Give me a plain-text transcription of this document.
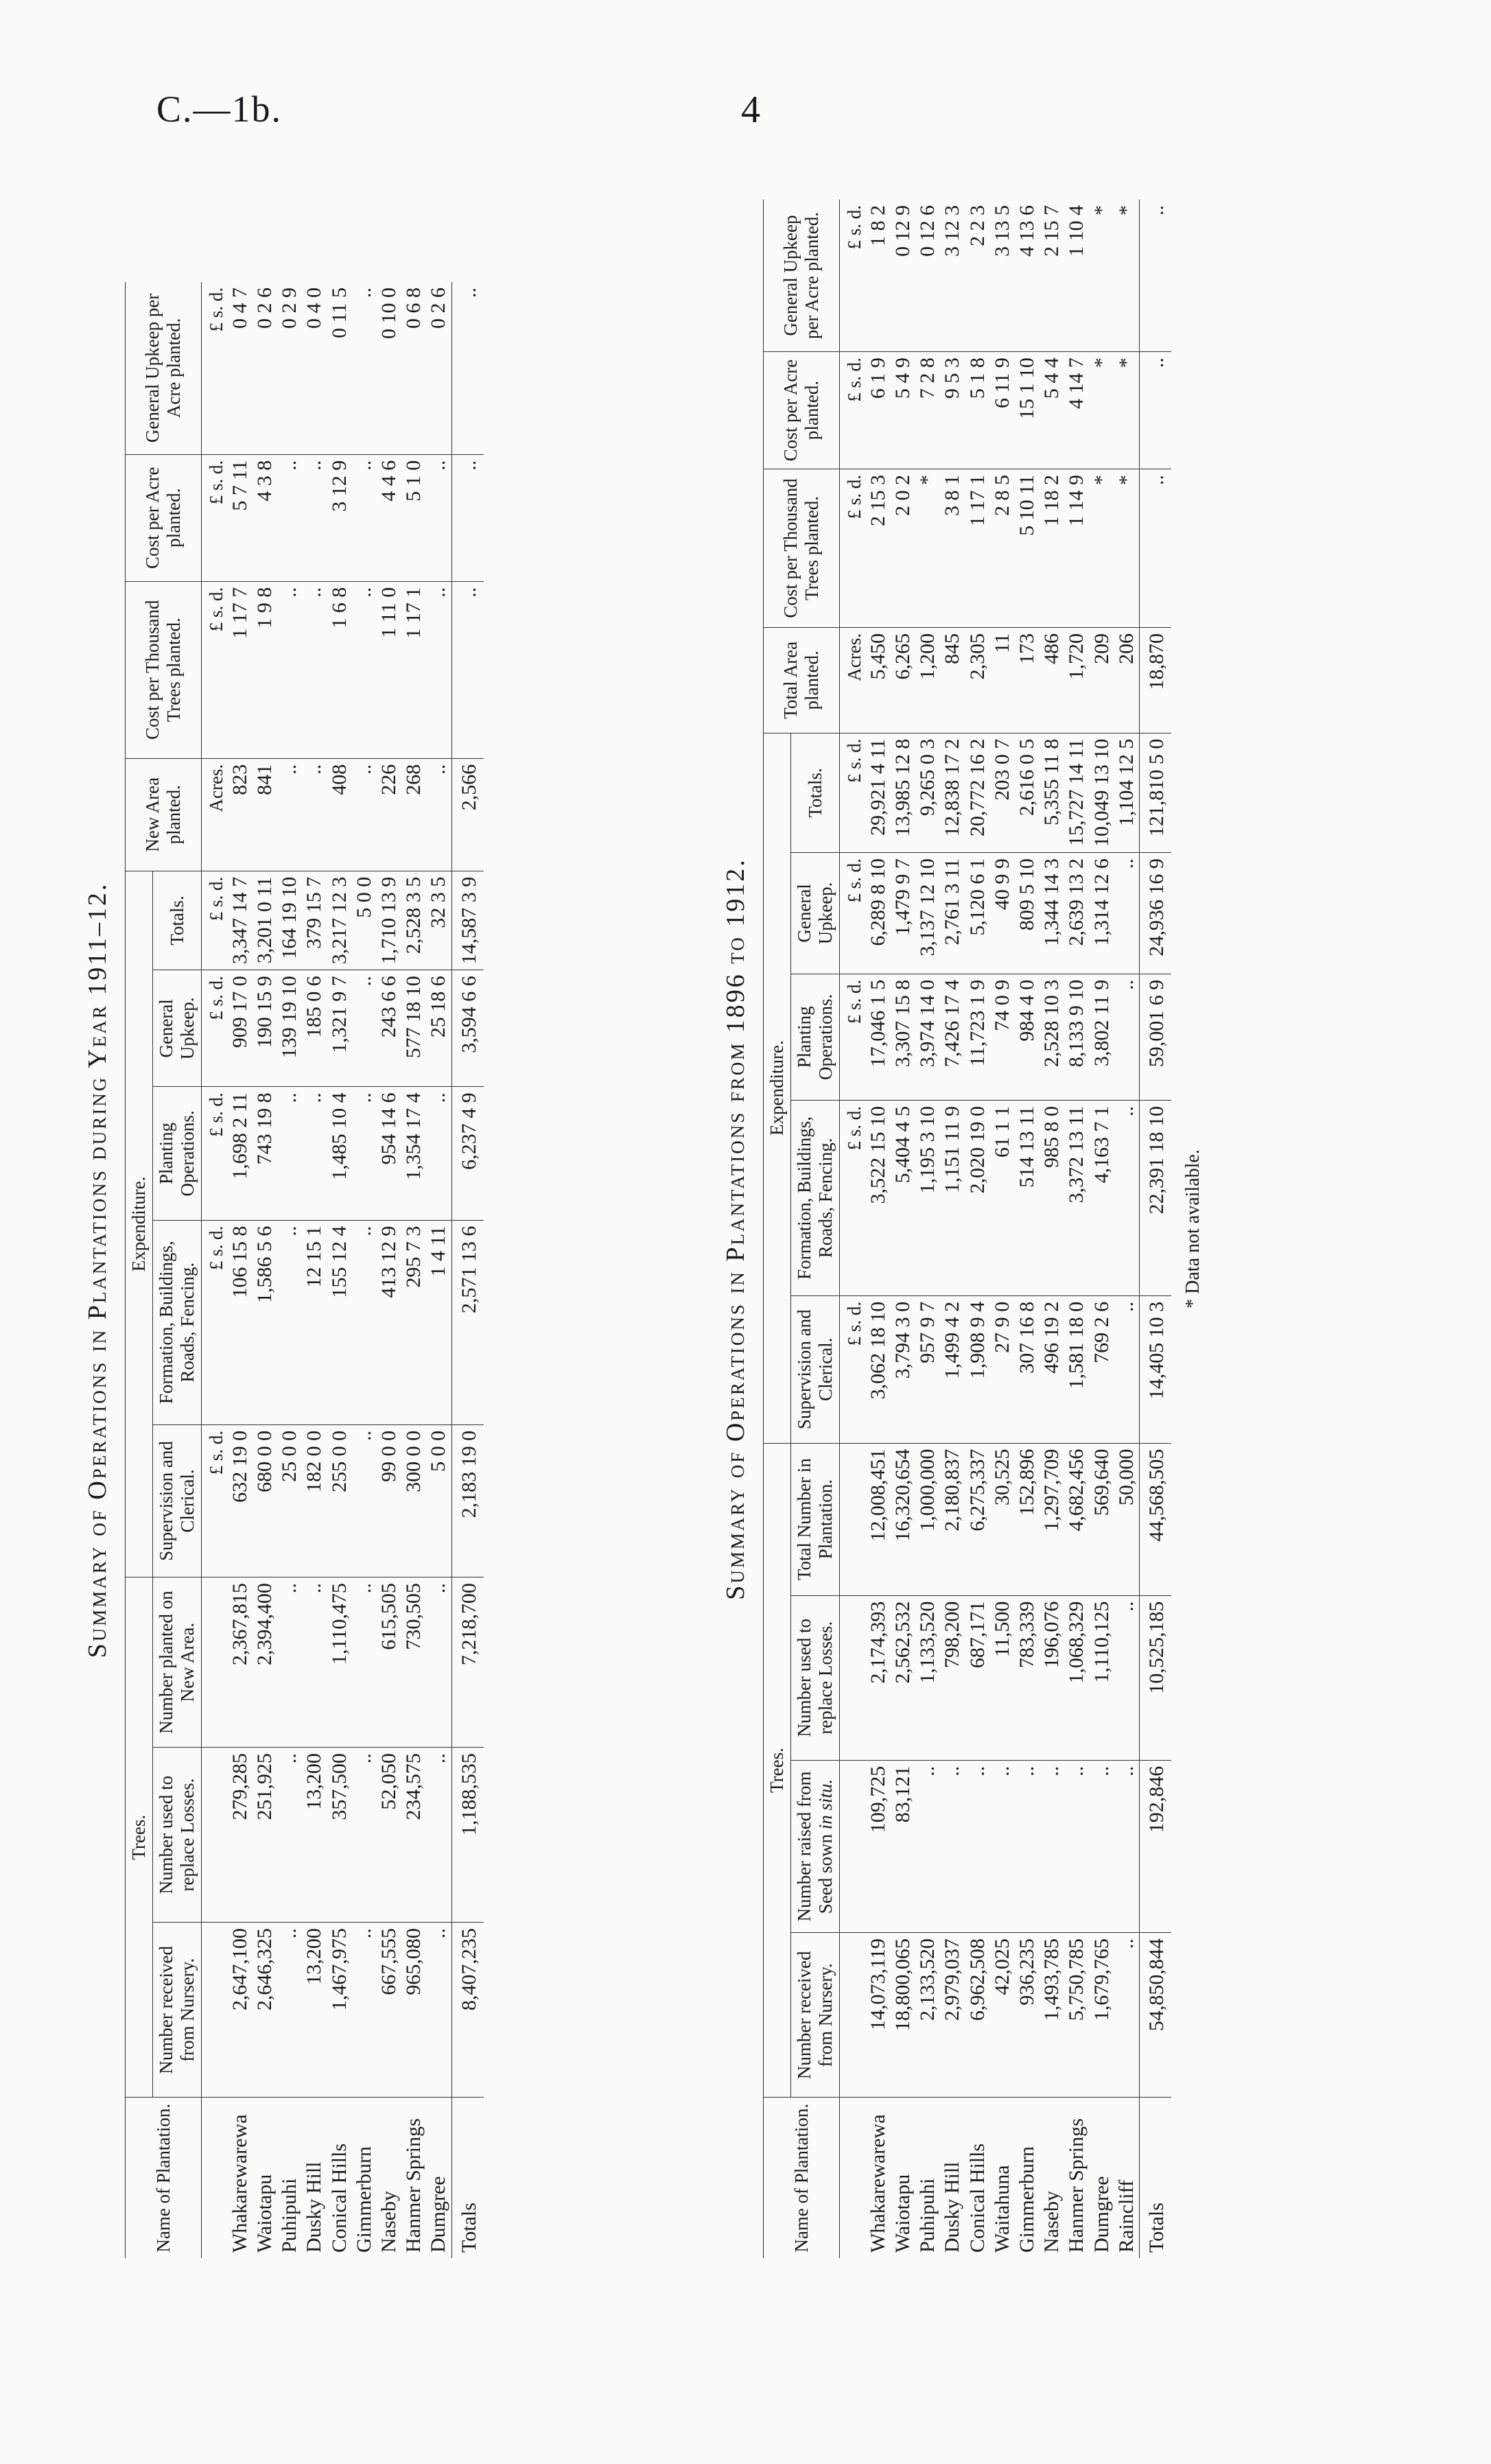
C.—1b.	4
Summary of Operations in Plantations during Year 1911–12.
Name of Plantation.	Trees.			Expenditure.					New Area planted.	Cost per Thousand Trees planted.	Cost per Acre planted.	General Upkeep per Acre planted.
	Number received from Nursery.	Number used to replace Losses.	Number planted on New Area.	Supervision and Clerical.	Formation, Buildings, Roads, Fencing.	Planting Operations.	General Upkeep.	Totals.				
				£ s. d.	£ s. d.	£ s. d.	£ s. d.	£ s. d.	Acres.	£ s. d.	£ s. d.	£ s. d.
Whakarewarewa	2,647,100	279,285	2,367,815	632 19 0	106 15 8	1,698 2 11	909 17 0	3,347 14 7	823	1 17 7	5 7 11	0 4 7
Waiotapu	2,646,325	251,925	2,394,400	680 0 0	1,586 5 6	743 19 8	190 15 9	3,201 0 11	841	1 9 8	4 3 8	0 2 6
Puhipuhi	..	..	..	25 0 0	..	..	139 19 10	164 19 10	..	..	..	0 2 9
Dusky Hill	13,200	13,200	..	182 0 0	12 15 1	..	185 0 6	379 15 7	..	..	..	0 4 0
Conical Hills	1,467,975	357,500	1,110,475	255 0 0	155 12 4	1,485 10 4	1,321 9 7	3,217 12 3	408	1 6 8	3 12 9	0 11 5
Gimmerburn	..	..	..	..	..	..	..	5 0 0	..	..	..	..
Naseby	667,555	52,050	615,505	99 0 0	413 12 9	954 14 6	243 6 6	1,710 13 9	226	1 11 0	4 4 6	0 10 0
Hanmer Springs	965,080	234,575	730,505	300 0 0	295 7 3	1,354 17 4	577 18 10	2,528 3 5	268	1 17 1	5 1 0	0 6 8
Dumgree	..	..	..	5 0 0	1 4 11	..	25 18 6	32 3 5	..	..	..	0 2 6
Totals	8,407,235	1,188,535	7,218,700	2,183 19 0	2,571 13 6	6,237 4 9	3,594 6 6	14,587 3 9	2,566	..	..	..
Summary of Operations in Plantations from 1896 to 1912.
Name of Plantation.	Trees.				Expenditure.					Total Area planted.	Cost per Thousand Trees planted.	Cost per Acre planted.	General Upkeep per Acre planted.
	Number received from Nursery.	Number raised from Seed sown in situ.	Number used to replace Losses.	Total Number in Plantation.	Supervision and Clerical.	Formation, Buildings, Roads, Fencing.	Planting Operations.	General Upkeep.	Totals.				
					£ s. d.	£ s. d.	£ s. d.	£ s. d.	£ s. d.	Acres.	£ s. d.	£ s. d.	£ s. d.
Whakarewarewa	14,073,119	109,725	2,174,393	12,008,451	3,062 18 10	3,522 15 10	17,046 1 5	6,289 8 10	29,921 4 11	5,450	2 15 3	6 1 9	1 8 2
Waiotapu	18,800,065	83,121	2,562,532	16,320,654	3,794 3 0	5,404 4 5	3,307 15 8	1,479 9 7	13,985 12 8	6,265	2 0 2	5 4 9	0 12 9
Puhipuhi	2,133,520	..	1,133,520	1,000,000	957 9 7	1,195 3 10	3,974 14 0	3,137 12 10	9,265 0 3	1,200	*	7 2 8	0 12 6
Dusky Hill	2,979,037	..	798,200	2,180,837	1,499 4 2	1,151 11 9	7,426 17 4	2,761 3 11	12,838 17 2	845	3 8 1	9 5 3	3 12 3
Conical Hills	6,962,508	..	687,171	6,275,337	1,908 9 4	2,020 19 0	11,723 1 9	5,120 6 1	20,772 16 2	2,305	1 17 1	5 1 8	2 2 3
Waitahuna	42,025	..	11,500	30,525	27 9 0	61 1 1	74 0 9	40 9 9	203 0 7	11	2 8 5	6 11 9	3 13 5
Gimmerburn	936,235	..	783,339	152,896	307 16 8	514 13 11	984 4 0	809 5 10	2,616 0 5	173	5 10 11	15 1 10	4 13 6
Naseby	1,493,785	..	196,076	1,297,709	496 19 2	985 8 0	2,528 10 3	1,344 14 3	5,355 11 8	486	1 18 2	5 4 4	2 15 7
Hanmer Springs	5,750,785	..	1,068,329	4,682,456	1,581 18 0	3,372 13 11	8,133 9 10	2,639 13 2	15,727 14 11	1,720	1 14 9	4 14 7	1 10 4
Dumgree	1,679,765	..	1,110,125	569,640	769 2 6	4,163 7 1	3,802 11 9	1,314 12 6	10,049 13 10	209	*	*	*
Raincliff	..	..	..	50,000	..	..	..	..	1,104 12 5	206	*	*	*
Totals	54,850,844	192,846	10,525,185	44,568,505	14,405 10 3	22,391 18 10	59,001 6 9	24,936 16 9	121,810 5 0	18,870	..	..	..
* Data not available.
